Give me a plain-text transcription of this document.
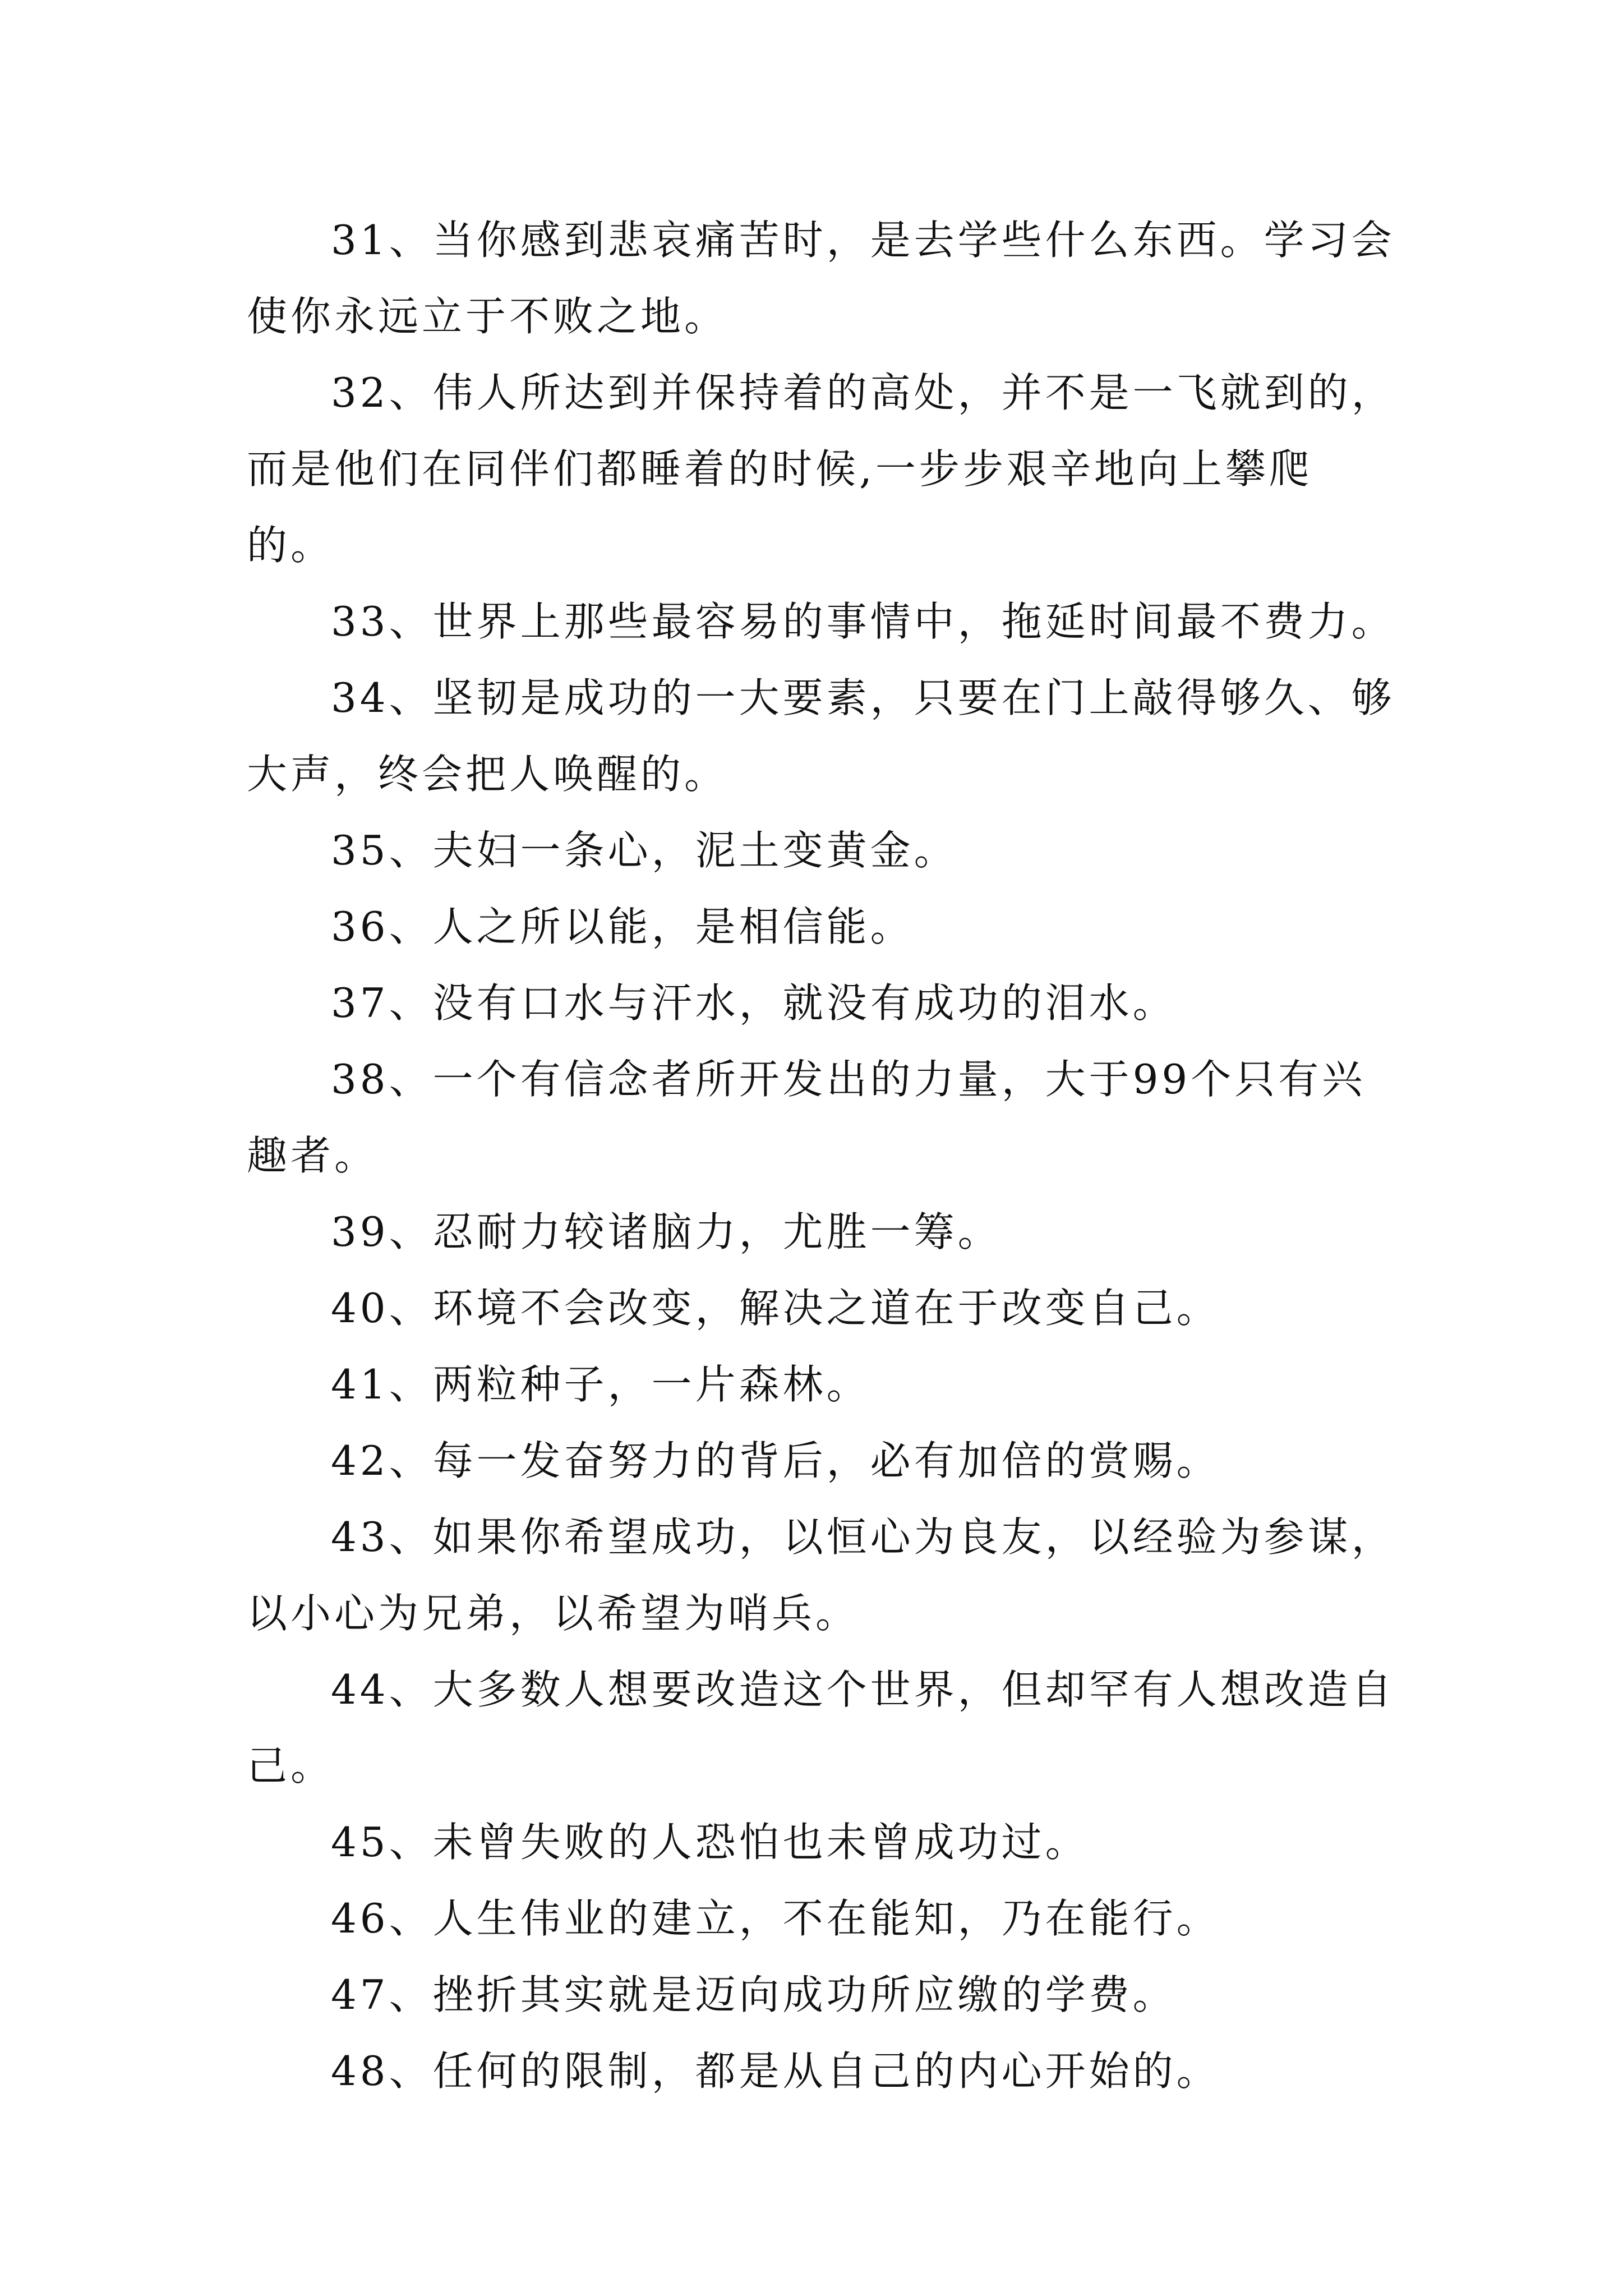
31、当你感到悲哀痛苦时，是去学些什么东西。学习会使你永远立于不败之地。

32、伟人所达到并保持着的高处，并不是一飞就到的，而是他们在同伴们都睡着的时候,一步步艰辛地向上攀爬的。

33、世界上那些最容易的事情中，拖延时间最不费力。

34、坚韧是成功的一大要素，只要在门上敲得够久、够大声，终会把人唤醒的。

35、夫妇一条心，泥土变黄金。

36、人之所以能，是相信能。

37、没有口水与汗水，就没有成功的泪水。

38、一个有信念者所开发出的力量，大于99个只有兴趣者。

39、忍耐力较诸脑力，尤胜一筹。

40、环境不会改变，解决之道在于改变自己。

41、两粒种子，一片森林。

42、每一发奋努力的背后，必有加倍的赏赐。

43、如果你希望成功，以恒心为良友，以经验为参谋，以小心为兄弟，以希望为哨兵。

44、大多数人想要改造这个世界，但却罕有人想改造自己。

45、未曾失败的人恐怕也未曾成功过。

46、人生伟业的建立，不在能知，乃在能行。

47、挫折其实就是迈向成功所应缴的学费。

48、任何的限制，都是从自己的内心开始的。
